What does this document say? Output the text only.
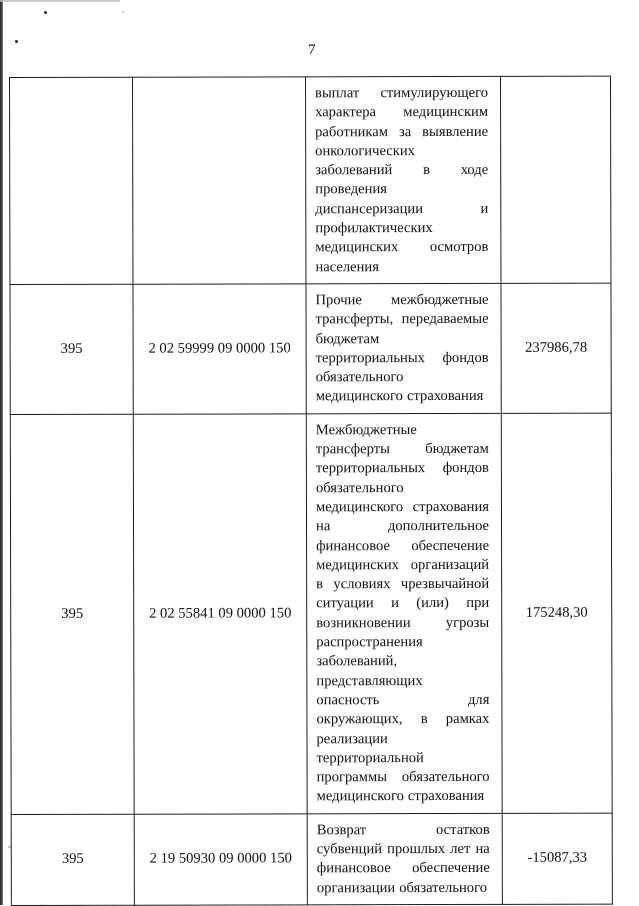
7

		выплат стимулирующего характера медицинским работникам за выявление онкологических заболеваний в ходе проведения диспансеризации и профилактических медицинских осмотров населения	

395	2 02 59999 09 0000 150	Прочие межбюджетные трансферты, передаваемые бюджетам территориальных фондов обязательного медицинского страхования	237986,78

395	2 02 55841 09 0000 150	Межбюджетные трансферты бюджетам территориальных фондов обязательного медицинского страхования на дополнительное финансовое обеспечение медицинских организаций в условиях чрезвычайной ситуации и (или) при возникновении угрозы распространения заболеваний, представляющих опасность для окружающих, в рамках реализации территориальной программы обязательного медицинского страхования	175248,30

395	2 19 50930 09 0000 150	Возврат остатков субвенций прошлых лет на финансовое обеспечение организации обязательного	-15087,33
